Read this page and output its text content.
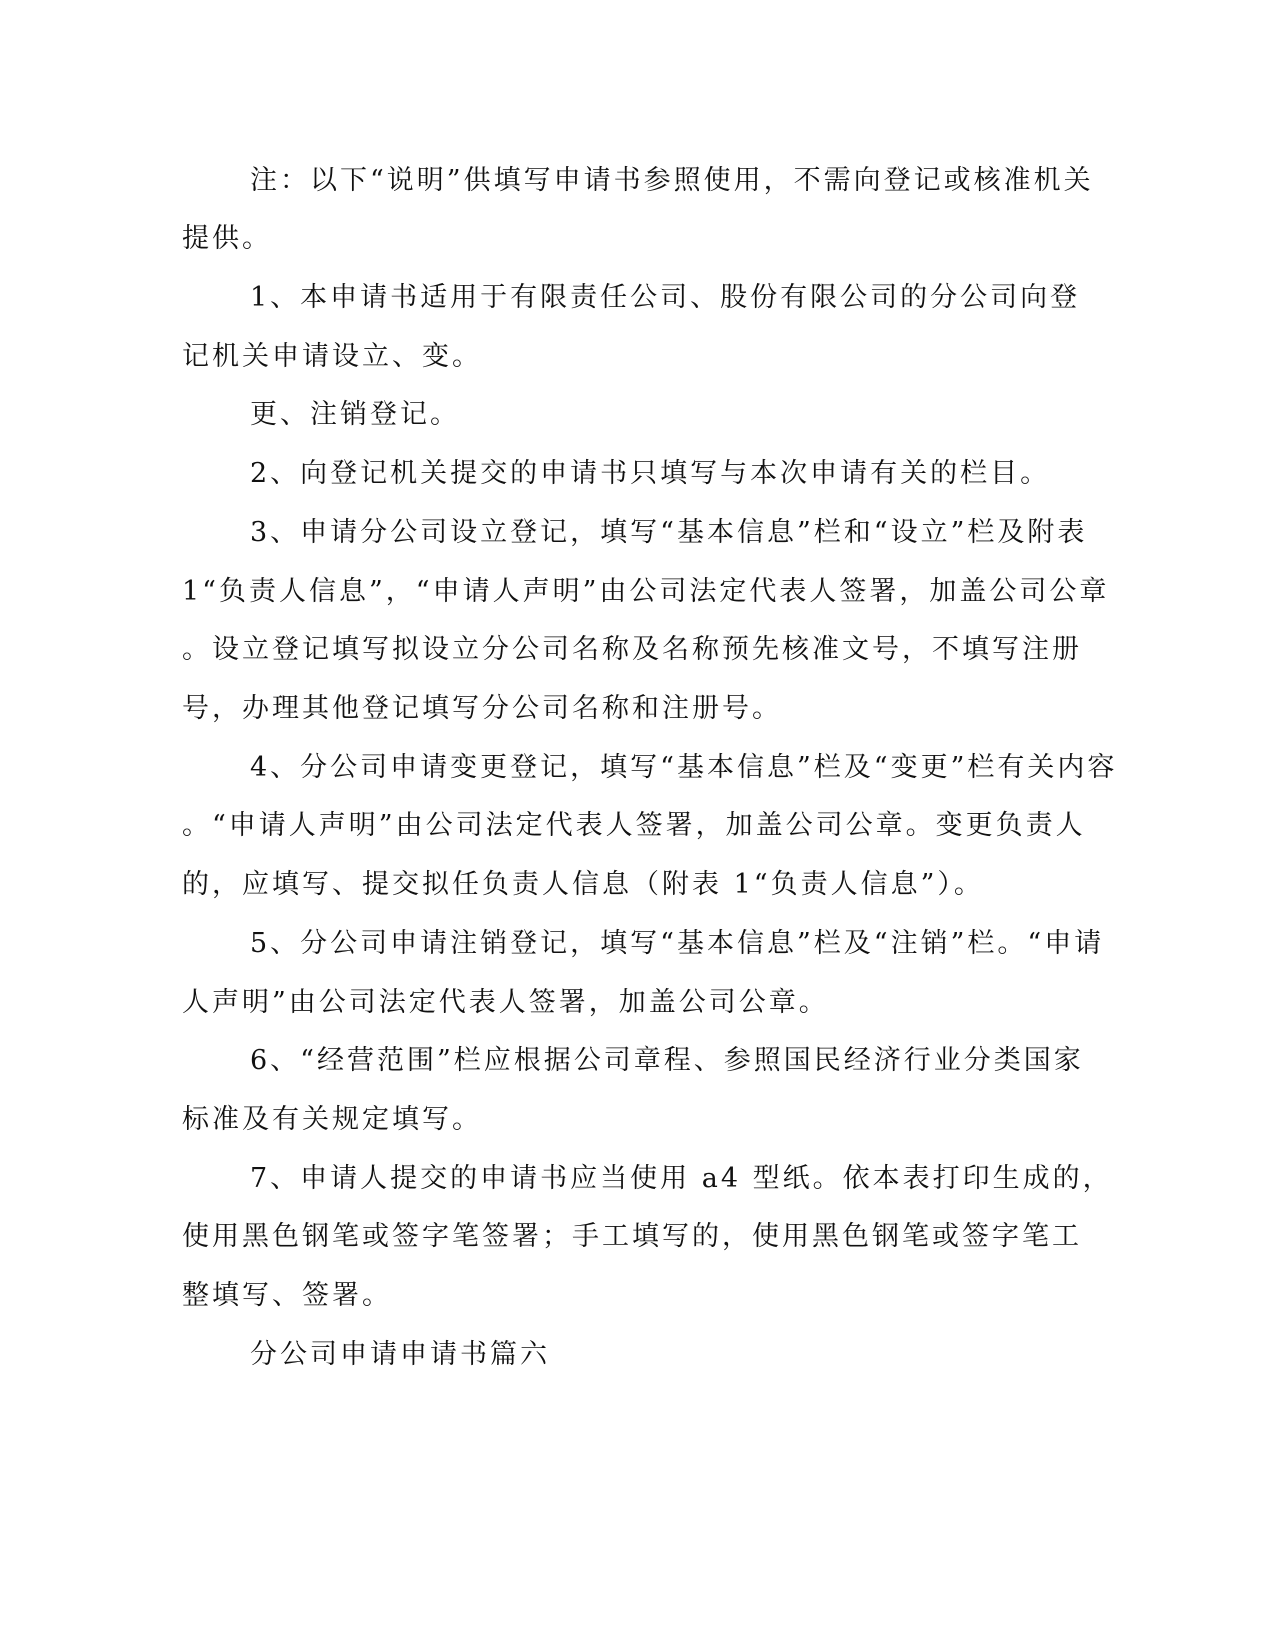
注：以下“说明”供填写申请书参照使用，不需向登记或核准机关
提供。
1、本申请书适用于有限责任公司、股份有限公司的分公司向登
记机关申请设立、变。
更、注销登记。
2、向登记机关提交的申请书只填写与本次申请有关的栏目。
3、申请分公司设立登记，填写“基本信息”栏和“设立”栏及附表
1“负责人信息”，“申请人声明”由公司法定代表人签署，加盖公司公章
。设立登记填写拟设立分公司名称及名称预先核准文号，不填写注册
号，办理其他登记填写分公司名称和注册号。
4、分公司申请变更登记，填写“基本信息”栏及“变更”栏有关内容
。“申请人声明”由公司法定代表人签署，加盖公司公章。变更负责人
的，应填写、提交拟任负责人信息（附表 1“负责人信息”）。
5、分公司申请注销登记，填写“基本信息”栏及“注销”栏。“申请
人声明”由公司法定代表人签署，加盖公司公章。
6、“经营范围”栏应根据公司章程、参照国民经济行业分类国家
标准及有关规定填写。
7、申请人提交的申请书应当使用 a4 型纸。依本表打印生成的，
使用黑色钢笔或签字笔签署；手工填写的，使用黑色钢笔或签字笔工
整填写、签署。
分公司申请申请书篇六
